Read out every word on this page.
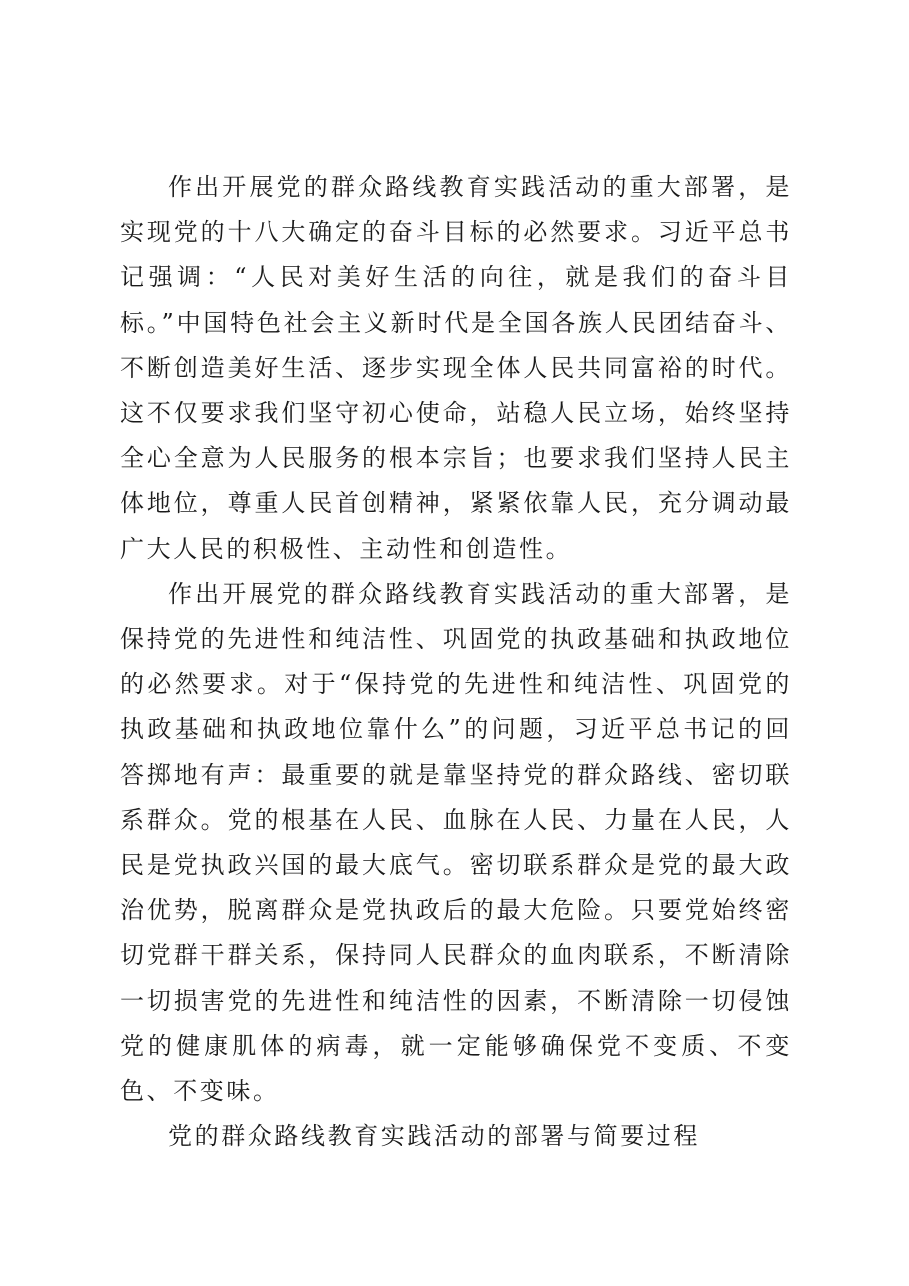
作出开展党的群众路线教育实践活动的重大部署，是实现党的十八大确定的奋斗目标的必然要求。习近平总书记强调：“人民对美好生活的向往，就是我们的奋斗目标。”中国特色社会主义新时代是全国各族人民团结奋斗、不断创造美好生活、逐步实现全体人民共同富裕的时代。这不仅要求我们坚守初心使命，站稳人民立场，始终坚持全心全意为人民服务的根本宗旨；也要求我们坚持人民主体地位，尊重人民首创精神，紧紧依靠人民，充分调动最广大人民的积极性、主动性和创造性。

作出开展党的群众路线教育实践活动的重大部署，是保持党的先进性和纯洁性、巩固党的执政基础和执政地位的必然要求。对于“保持党的先进性和纯洁性、巩固党的执政基础和执政地位靠什么”的问题，习近平总书记的回答掷地有声：最重要的就是靠坚持党的群众路线、密切联系群众。党的根基在人民、血脉在人民、力量在人民，人民是党执政兴国的最大底气。密切联系群众是党的最大政治优势，脱离群众是党执政后的最大危险。只要党始终密切党群干群关系，保持同人民群众的血肉联系，不断清除一切损害党的先进性和纯洁性的因素，不断清除一切侵蚀党的健康肌体的病毒，就一定能够确保党不变质、不变色、不变味。

党的群众路线教育实践活动的部署与简要过程
